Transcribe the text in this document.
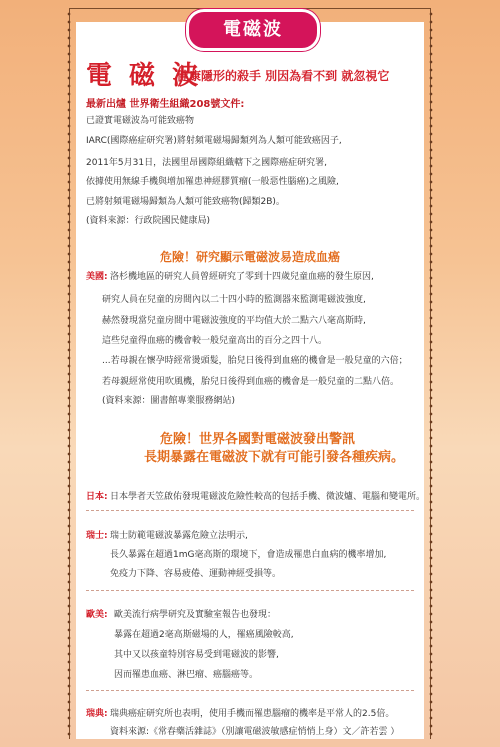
電磁波
電 磁 波
健康隱形的殺手 別因為看不到 就忽視它
最新出爐 世界衛生組織208號文件:
已證實電磁波為可能致癌物
IARC(國際癌症研究署)將射頻電磁場歸類列為人類可能致癌因子,
2011年5月31日，法國里昂國際組織轄下之國際癌症研究署,
依據使用無線手機與增加罹患神經膠質瘤(一般惡性腦癌)之風險,
已將射頻電磁場歸類為人類可能致癌物(歸類2B)。
(資料來源：行政院國民健康局)
危險！研究顯示電磁波易造成血癌
美國: 洛杉機地區的研究人員曾經研究了零到十四歲兒童血癌的發生原因,
研究人員在兒童的房間內以二十四小時的監測器來監測電磁波強度,
赫然發現當兒童房間中電磁波強度的平均值大於二點六八毫高斯時,
這些兒童得血癌的機會較一般兒童高出的百分之四十八。
...若母親在懷孕時經常燙頭髮，胎兒日後得到血癌的機會是一般兒童的六倍；
若母親經常使用吹風機，胎兒日後得到血癌的機會是一般兒童的二點八倍。
(資料來源：圖書館專業服務網站)
危險！世界各國對電磁波發出警訊
長期暴露在電磁波下就有可能引發各種疾病。
日本: 日本學者天笠啟佑發現電磁波危險性較高的包括手機、微波爐、電腦和變電所。
瑞士: 瑞士防範電磁波暴露危險立法明示,
長久暴露在超過1mG毫高斯的環境下，會造成罹患白血病的機率增加,
免疫力下降、容易疲倦、運動神經受損等。
歐美: 歐美流行病學研究及實驗室報告也發現：
暴露在超過2毫高斯磁場的人，罹癌風險較高,
其中又以孩童特別容易受到電磁波的影響,
因而罹患血癌、淋巴瘤、癌腦癌等。
瑞典: 瑞典癌症研究所也表明，使用手機而罹患腦瘤的機率是平常人的2.5倍。
資料來源:《常春藥活雜誌》（別讓電磁波敏感症悄悄上身）文／許若雲 ）
